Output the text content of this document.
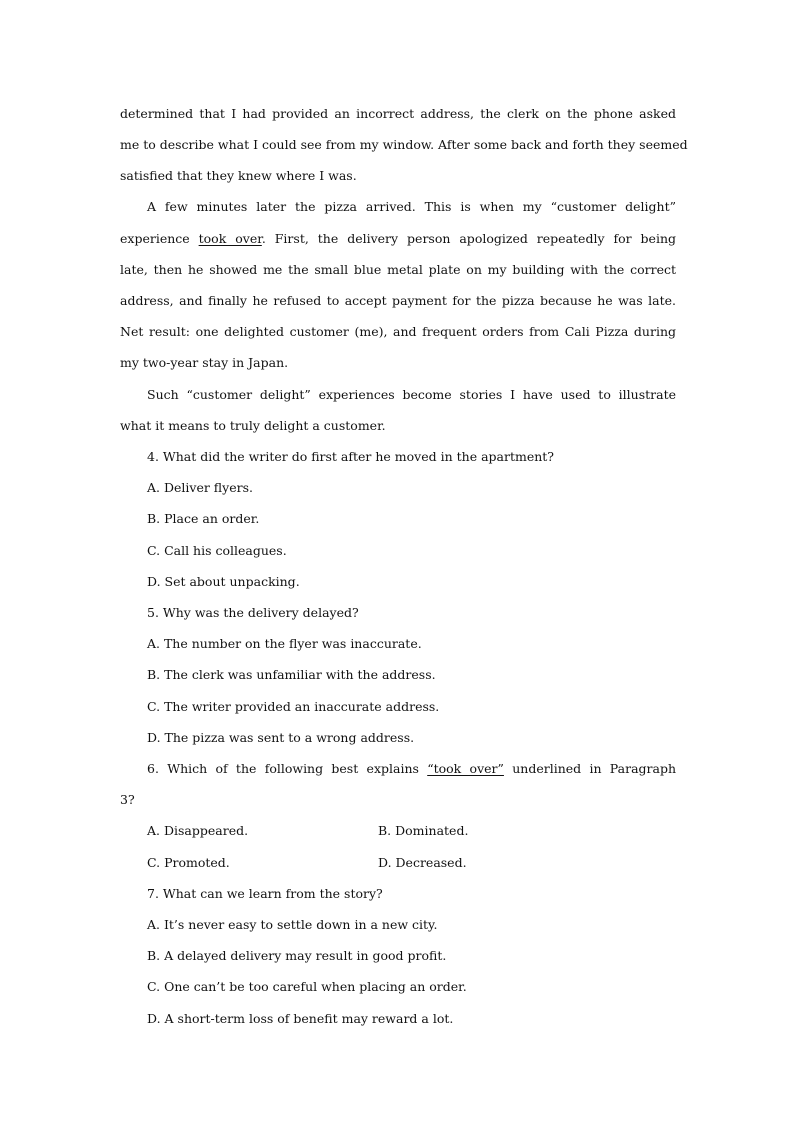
determined that I had provided an incorrect address, the clerk on the phone asked
me to describe what I could see from my window. After some back and forth they seemed
satisfied that they knew where I was.
A few minutes later the pizza arrived. This is when my “customer delight”
experience took over. First, the delivery person apologized repeatedly for being
late, then he showed me the small blue metal plate on my building with the correct
address, and finally he refused to accept payment for the pizza because he was late.
Net result: one delighted customer (me), and frequent orders from Cali Pizza during
my two-year stay in Japan.
Such “customer delight” experiences become stories I have used to illustrate
what it means to truly delight a customer.
4. What did the writer do first after he moved in the apartment?
A. Deliver flyers.
B. Place an order.
C. Call his colleagues.
D. Set about unpacking.
5. Why was the delivery delayed?
A. The number on the flyer was inaccurate.
B. The clerk was unfamiliar with the address.
C. The writer provided an inaccurate address.
D. The pizza was sent to a wrong address.
6. Which of the following best explains “took over” underlined in Paragraph
3?
A. Disappeared.	B. Dominated.
C. Promoted.	D. Decreased.
7. What can we learn from the story?
A. It’s never easy to settle down in a new city.
B. A delayed delivery may result in good profit.
C. One can’t be too careful when placing an order.
D. A short-term loss of benefit may reward a lot.
